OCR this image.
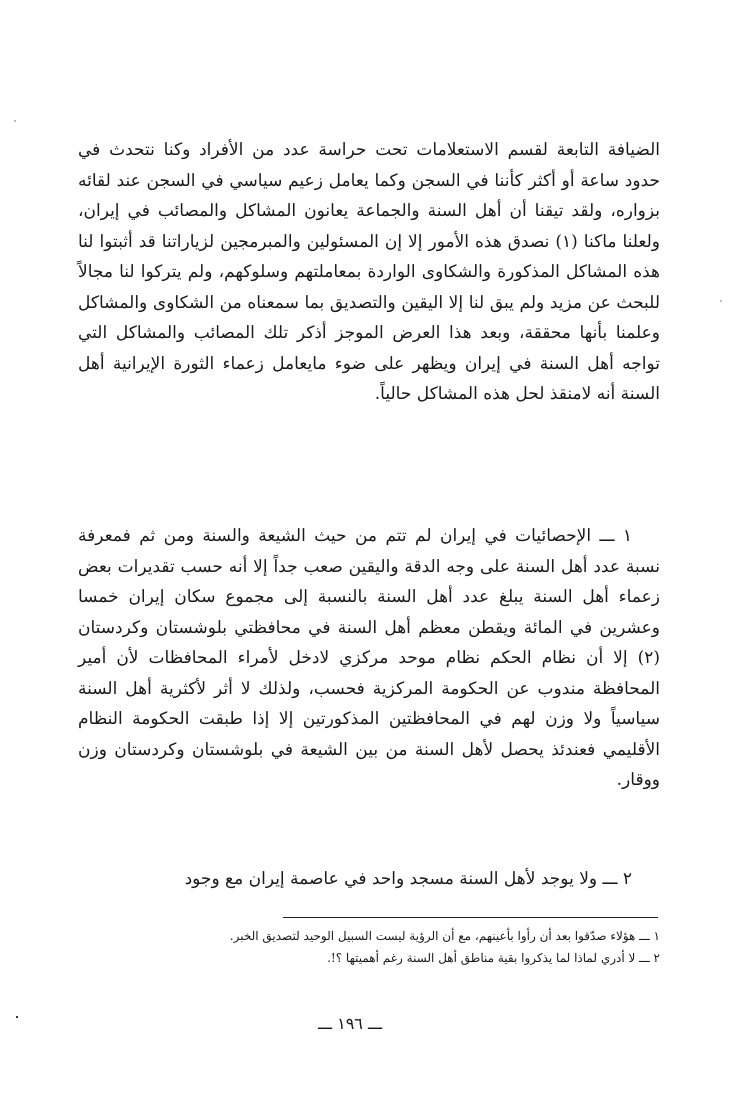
الضيافة التابعة لقسم الاستعلامات تحت حراسة عدد من الأفراد وكنا نتحدث في حدود ساعة أو أكثر كأننا في السجن وكما يعامل زعيم سياسي في السجن عند لقائه بزواره، ولقد تيقنا أن أهل السنة والجماعة يعانون المشاكل والمصائب في إيران، ولعلنا ماكنا (١) نصدق هذه الأمور إلا إن المسئولين والمبرمجين لزياراتنا قد أثبتوا لنا هذه المشاكل المذكورة والشكاوى الواردة بمعاملتهم وسلوكهم، ولم يتركوا لنا مجالاً للبحث عن مزيد ولم يبق لنا إلا اليقين والتصديق بما سمعناه من الشكاوى والمشاكل وعلمنا بأنها محققة، وبعد هذا العرض الموجز أذكر تلك المصائب والمشاكل التي تواجه أهل السنة في إيران ويظهر على ضوء مايعامل زعماء الثورة الإيرانية أهل السنة أنه لامنقذ لحل هذه المشاكل حالياً.

١ ـــ الإحصائيات في إيران لم تتم من حيث الشيعة والسنة ومن ثم فمعرفة نسبة عدد أهل السنة على وجه الدقة واليقين صعب جداً إلا أنه حسب تقديرات بعض زعماء أهل السنة يبلغ عدد أهل السنة بالنسبة إلى مجموع سكان إيران خمسا وعشرين في المائة ويقطن معظم أهل السنة في محافظتي بلوشستان وكردستان (٢) إلا أن نظام الحكم نظام موحد مركزي لادخل لأمراء المحافظات لأن أمير المحافظة مندوب عن الحكومة المركزية فحسب، ولذلك لا أثر لأكثرية أهل السنة سياسياً ولا وزن لهم في المحافظتين المذكورتين إلا إذا طبقت الحكومة النظام الأقليمي فعندئذ يحصل لأهل السنة من بين الشيعة في بلوشستان وكردستان وزن ووقار.

٢ ـــ ولا يوجد لأهل السنة مسجد واحد في عاصمة إيران مع وجود

١ ـــ هؤلاء صدّقوا بعد أن رأوا بأعينهم، مع أن الرؤية ليست السبيل الوحيد لتصديق الخبر.

٢ ـــ لا أدري لماذا لما يذكروا بقية مناطق أهل السنة رغم أهميتها ؟!.

ـــ ١٩٦ ـــ
